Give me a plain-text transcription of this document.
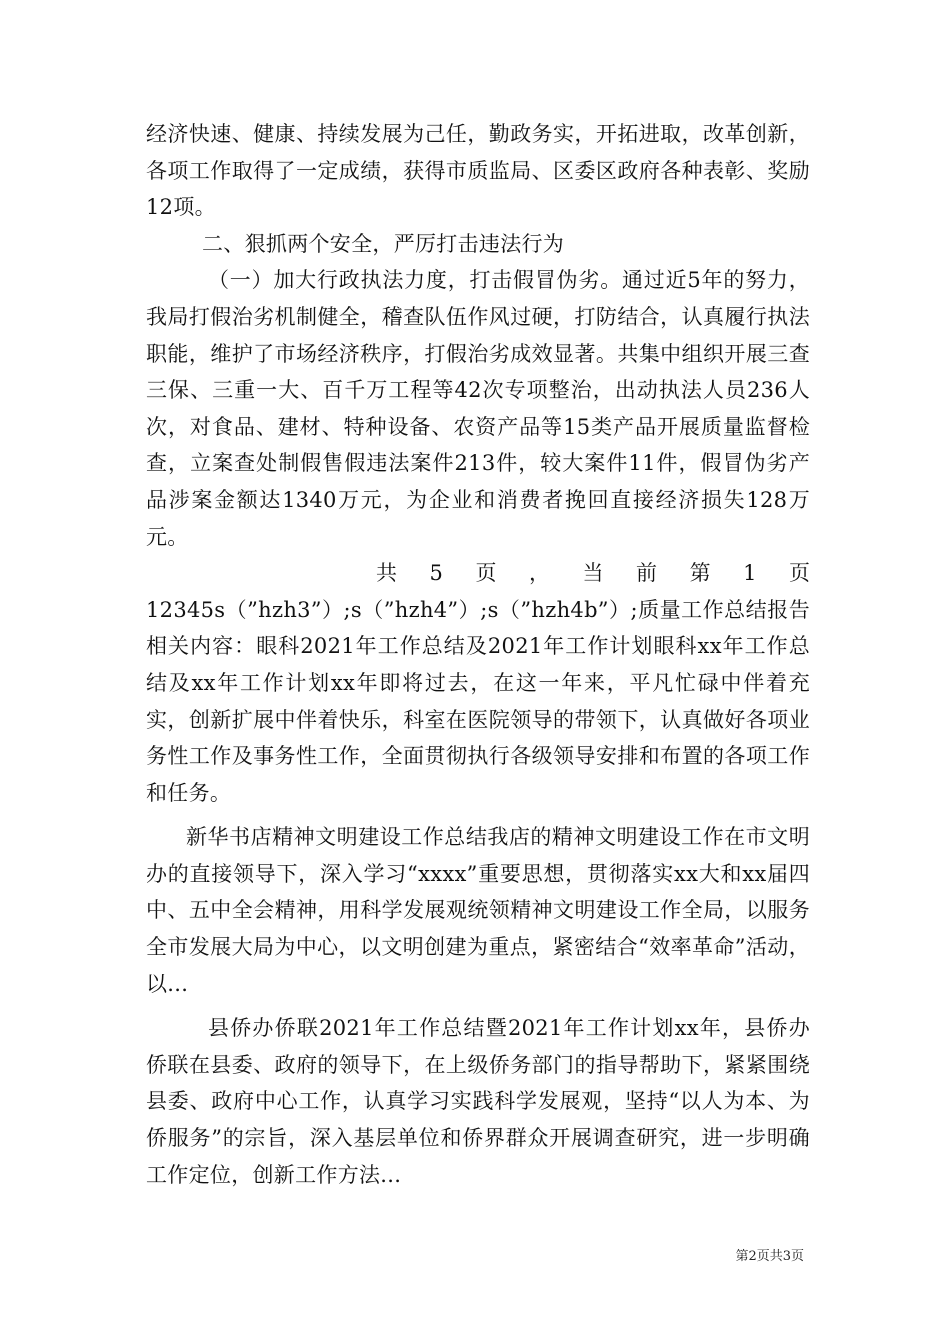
经济快速、健康、持续发展为己任，勤政务实，开拓进取，改革创新，各项工作取得了一定成绩，获得市质监局、区委区政府各种表彰、奖励12项。

二、狠抓两个安全，严厉打击违法行为

（一）加大行政执法力度，打击假冒伪劣。通过近5年的努力，我局打假治劣机制健全，稽查队伍作风过硬，打防结合，认真履行执法职能，维护了市场经济秩序，打假治劣成效显著。共集中组织开展三查三保、三重一大、百千万工程等42次专项整治，出动执法人员236人次，对食品、建材、特种设备、农资产品等15类产品开展质量监督检查，立案查处制假售假违法案件213件，较大案件11件，假冒伪劣产品涉案金额达1340万元，为企业和消费者挽回直接经济损失128万元。

共 5 页 ， 当 前 第 1 页

12345s（”hzh3”）;s（”hzh4”）;s（”hzh4b”）;质量工作总结报告相关内容：眼科2021年工作总结及2021年工作计划眼科xx年工作总结及xx年工作计划xx年即将过去，在这一年来，平凡忙碌中伴着充实，创新扩展中伴着快乐，科室在医院领导的带领下，认真做好各项业务性工作及事务性工作，全面贯彻执行各级领导安排和布置的各项工作和任务。

新华书店精神文明建设工作总结我店的精神文明建设工作在市文明办的直接领导下，深入学习“xxxx”重要思想，贯彻落实xx大和xx届四中、五中全会精神，用科学发展观统领精神文明建设工作全局，以服务全市发展大局为中心，以文明创建为重点，紧密结合“效率革命”活动，以...

县侨办侨联2021年工作总结暨2021年工作计划xx年，县侨办侨联在县委、政府的领导下，在上级侨务部门的指导帮助下，紧紧围绕县委、政府中心工作，认真学习实践科学发展观，坚持“以人为本、为侨服务”的宗旨，深入基层单位和侨界群众开展调查研究，进一步明确工作定位，创新工作方法...

第2页共3页
